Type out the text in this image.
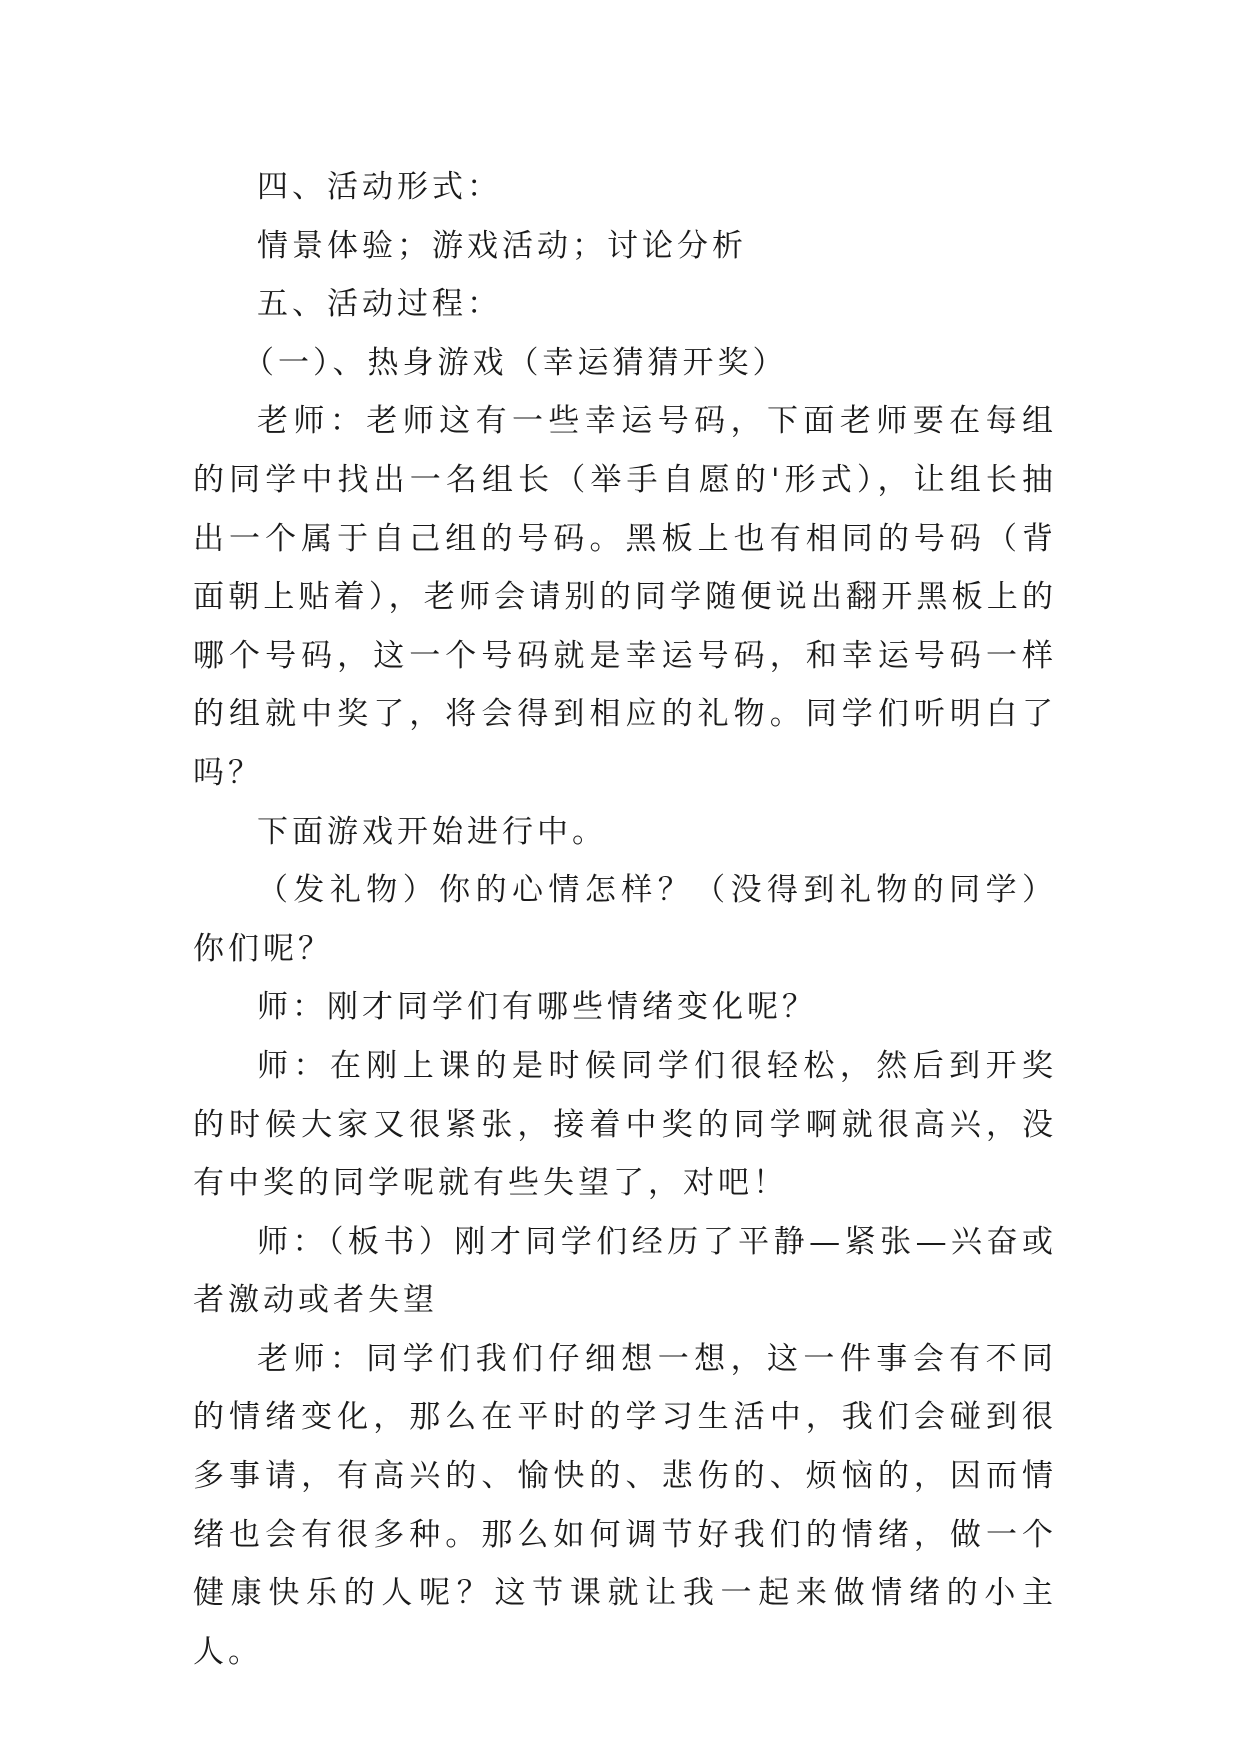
四、活动形式：

情景体验；游戏活动；讨论分析

五、活动过程：

（一）、热身游戏（幸运猜猜开奖）

老师：老师这有一些幸运号码，下面老师要在每组的同学中找出一名组长（举手自愿的'形式），让组长抽出一个属于自己组的号码。黑板上也有相同的号码（背面朝上贴着），老师会请别的同学随便说出翻开黑板上的哪个号码，这一个号码就是幸运号码，和幸运号码一样的组就中奖了，将会得到相应的礼物。同学们听明白了吗？

下面游戏开始进行中。

（发礼物）你的心情怎样？（没得到礼物的同学）你们呢？

师：刚才同学们有哪些情绪变化呢？

师：在刚上课的是时候同学们很轻松，然后到开奖的时候大家又很紧张，接着中奖的同学啊就很高兴，没有中奖的同学呢就有些失望了，对吧！

师：（板书）刚才同学们经历了平静—紧张—兴奋或者激动或者失望

老师：同学们我们仔细想一想，这一件事会有不同的情绪变化，那么在平时的学习生活中，我们会碰到很多事请，有高兴的、愉快的、悲伤的、烦恼的，因而情绪也会有很多种。那么如何调节好我们的情绪，做一个健康快乐的人呢？这节课就让我一起来做情绪的小主人。
